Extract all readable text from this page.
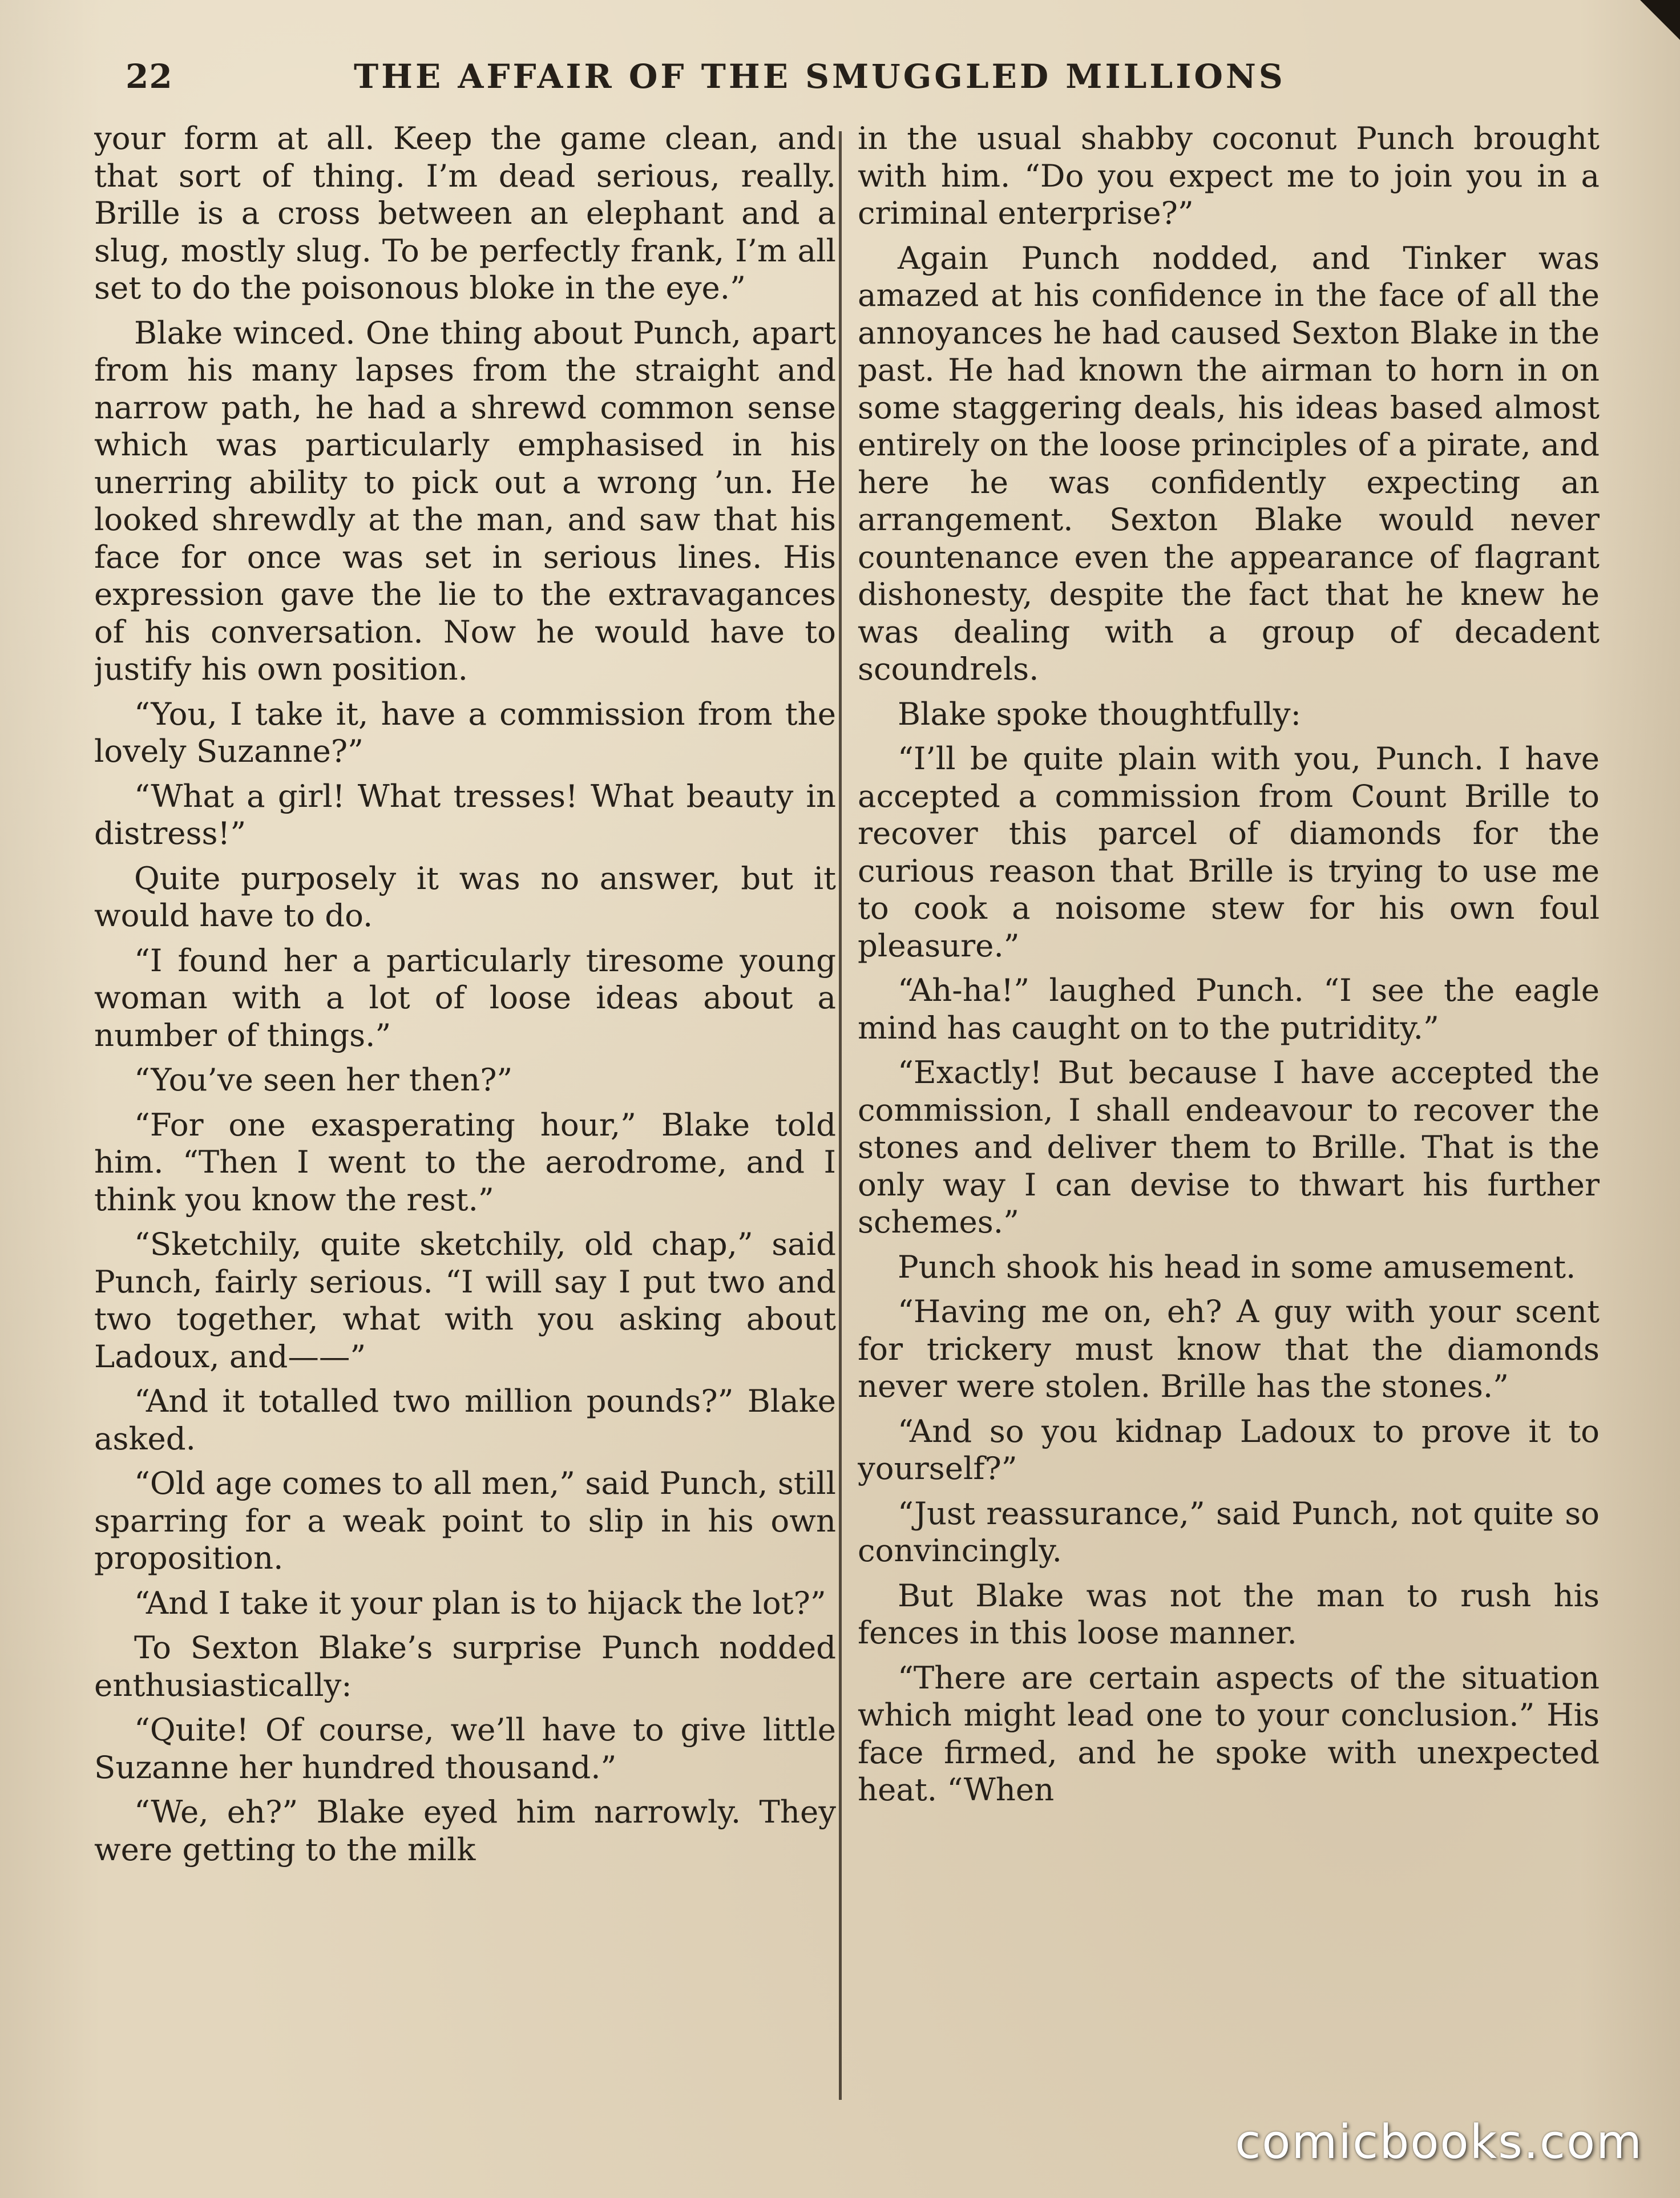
22	THE AFFAIR OF THE SMUGGLED MILLIONS

your form at all. Keep the game clean, and that sort of thing. I’m dead serious, really. Brille is a cross between an elephant and a slug, mostly slug. To be perfectly frank, I’m all set to do the poisonous bloke in the eye.”

Blake winced. One thing about Punch, apart from his many lapses from the straight and narrow path, he had a shrewd common sense which was particularly emphasised in his unerring ability to pick out a wrong ’un. He looked shrewdly at the man, and saw that his face for once was set in serious lines. His expression gave the lie to the extravagances of his conversation. Now he would have to justify his own position.

“You, I take it, have a commission from the lovely Suzanne?”

“What a girl! What tresses! What beauty in distress!”

Quite purposely it was no answer, but it would have to do.

“I found her a particularly tiresome young woman with a lot of loose ideas about a number of things.”

“You’ve seen her then?”

“For one exasperating hour,” Blake told him. “Then I went to the aerodrome, and I think you know the rest.”

“Sketchily, quite sketchily, old chap,” said Punch, fairly serious. “I will say I put two and two together, what with you asking about Ladoux, and——”

“And it totalled two million pounds?” Blake asked.

“Old age comes to all men,” said Punch, still sparring for a weak point to slip in his own proposition.

“And I take it your plan is to hijack the lot?”

To Sexton Blake’s surprise Punch nodded enthusiastically:

“Quite! Of course, we’ll have to give little Suzanne her hundred thousand.”

“We, eh?” Blake eyed him narrowly. They were getting to the milk

in the usual shabby coconut Punch brought with him. “Do you expect me to join you in a criminal enterprise?”

Again Punch nodded, and Tinker was amazed at his confidence in the face of all the annoyances he had caused Sexton Blake in the past. He had known the airman to horn in on some staggering deals, his ideas based almost entirely on the loose principles of a pirate, and here he was confidently expecting an arrangement. Sexton Blake would never countenance even the appearance of flagrant dishonesty, despite the fact that he knew he was dealing with a group of decadent scoundrels.

Blake spoke thoughtfully:

“I’ll be quite plain with you, Punch. I have accepted a commission from Count Brille to recover this parcel of diamonds for the curious reason that Brille is trying to use me to cook a noisome stew for his own foul pleasure.”

“Ah-ha!” laughed Punch. “I see the eagle mind has caught on to the putridity.”

“Exactly! But because I have accepted the commission, I shall endeavour to recover the stones and deliver them to Brille. That is the only way I can devise to thwart his further schemes.”

Punch shook his head in some amusement.

“Having me on, eh? A guy with your scent for trickery must know that the diamonds never were stolen. Brille has the stones.”

“And so you kidnap Ladoux to prove it to yourself?”

“Just reassurance,” said Punch, not quite so convincingly.

But Blake was not the man to rush his fences in this loose manner.

“There are certain aspects of the situation which might lead one to your conclusion.” His face firmed, and he spoke with unexpected heat. “When

comicbooks.com
